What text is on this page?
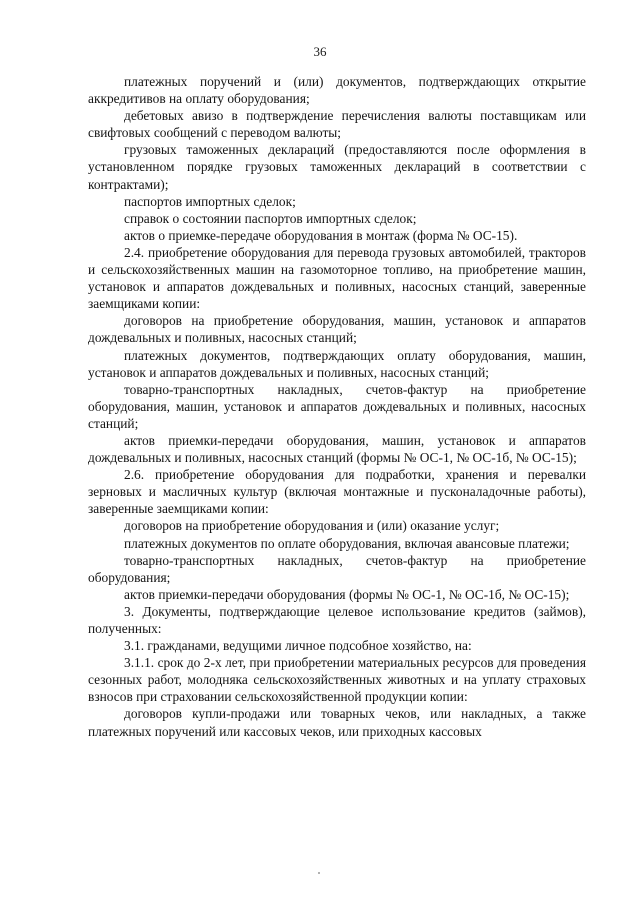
36

платежных поручений и (или) документов, подтверждающих открытие аккредитивов на оплату оборудования;

дебетовых авизо в подтверждение перечисления валюты поставщикам или свифтовых сообщений с переводом валюты;

грузовых таможенных деклараций (предоставляются после оформления в установленном порядке грузовых таможенных деклараций в соответствии с контрактами);

паспортов импортных сделок;

справок о состоянии паспортов импортных сделок;

актов о приемке-передаче оборудования в монтаж (форма № ОС-15).

2.4. приобретение оборудования для перевода грузовых автомобилей, тракторов и сельскохозяйственных машин на газомоторное топливо, на приобретение машин, установок и аппаратов дождевальных и поливных, насосных станций, заверенные заемщиками копии:

договоров на приобретение оборудования, машин, установок и аппаратов дождевальных и поливных, насосных станций;

платежных документов, подтверждающих оплату оборудования, машин, установок и аппаратов дождевальных и поливных, насосных станций;

товарно-транспортных накладных, счетов-фактур на приобретение оборудования, машин, установок и аппаратов дождевальных и поливных, насосных станций;

актов приемки-передачи оборудования, машин, установок и аппаратов дождевальных и поливных, насосных станций (формы № ОС-1, № ОС-1б, № ОС-15);

2.6. приобретение оборудования для подработки, хранения и перевалки зерновых и масличных культур (включая монтажные и пусконаладочные работы), заверенные заемщиками копии:

договоров на приобретение оборудования и (или) оказание услуг;

платежных документов по оплате оборудования, включая авансовые платежи;

товарно-транспортных накладных, счетов-фактур на приобретение оборудования;

актов приемки-передачи оборудования (формы № ОС-1, № ОС-1б, № ОС-15);

3. Документы, подтверждающие целевое использование кредитов (займов), полученных:

3.1. гражданами, ведущими личное подсобное хозяйство, на:

3.1.1. срок до 2-х лет, при приобретении материальных ресурсов для проведения сезонных работ, молодняка сельскохозяйственных животных и на уплату страховых взносов при страховании сельскохозяйственной продукции копии:

договоров купли-продажи или товарных чеков, или накладных, а также платежных поручений или кассовых чеков, или приходных кассовых
